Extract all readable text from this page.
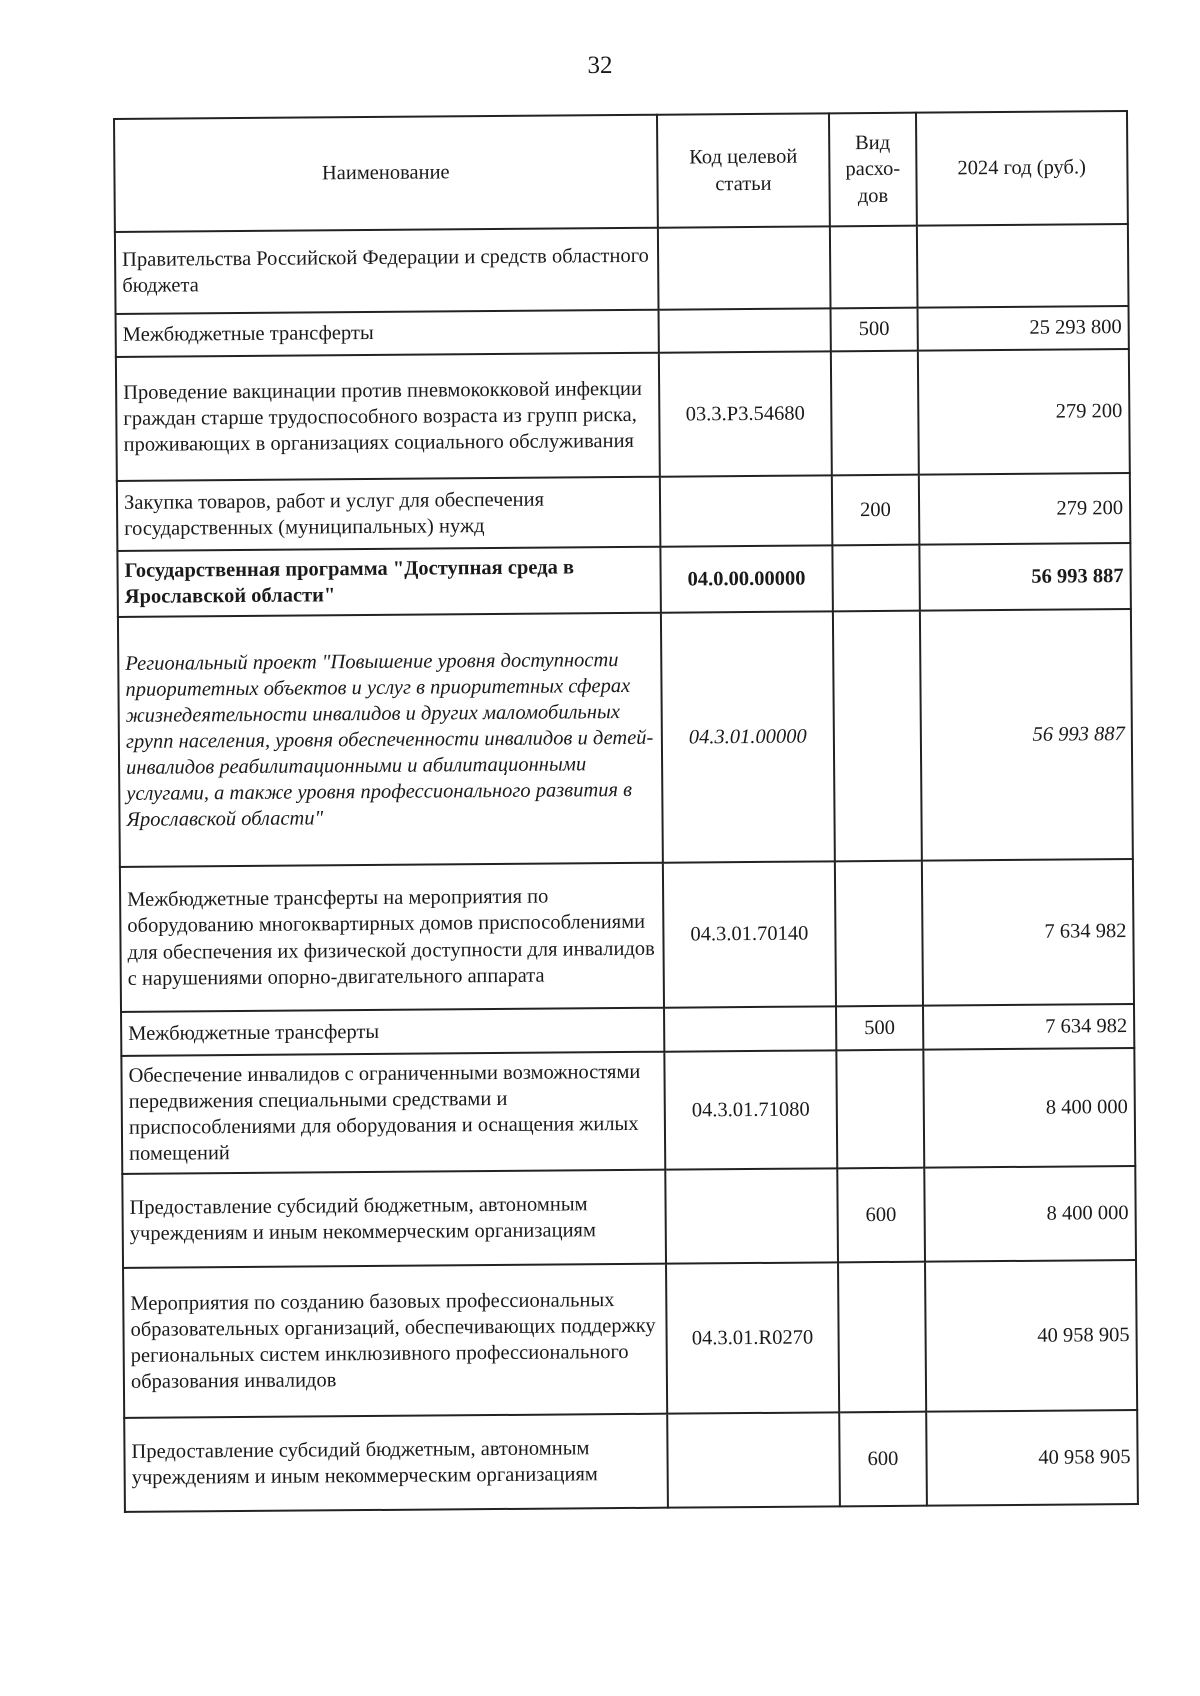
32
Наименование	Код целевой статьи	Вид расхо-дов	2024 год (руб.)
Правительства Российской Федерации и средств областного бюджета			
Межбюджетные трансферты		500	25 293 800
Проведение вакцинации против пневмококковой инфекции граждан старше трудоспособного возраста из групп риска, проживающих в организациях социального обслуживания	03.3.P3.54680		279 200
Закупка товаров, работ и услуг для обеспечения государственных (муниципальных) нужд		200	279 200
Государственная программа "Доступная среда в Ярославской области"	04.0.00.00000		56 993 887
Региональный проект "Повышение уровня доступности приоритетных объектов и услуг в приоритетных сферах жизнедеятельности инвалидов и других маломобильных групп населения, уровня обеспеченности инвалидов и детей-инвалидов реабилитационными и абилитационными услугами, а также уровня профессионального развития в Ярославской области"	04.3.01.00000		56 993 887
Межбюджетные трансферты на мероприятия по оборудованию многоквартирных домов приспособлениями для обеспечения их физической доступности для инвалидов с нарушениями опорно-двигательного аппарата	04.3.01.70140		7 634 982
Межбюджетные трансферты		500	7 634 982
Обеспечение инвалидов с ограниченными возможностями передвижения специальными средствами и приспособлениями для оборудования и оснащения жилых помещений	04.3.01.71080		8 400 000
Предоставление субсидий бюджетным, автономным учреждениям и иным некоммерческим организациям		600	8 400 000
Мероприятия по созданию базовых профессиональных образовательных организаций, обеспечивающих поддержку региональных систем инклюзивного профессионального образования инвалидов	04.3.01.R0270		40 958 905
Предоставление субсидий бюджетным, автономным учреждениям и иным некоммерческим организациям		600	40 958 905
